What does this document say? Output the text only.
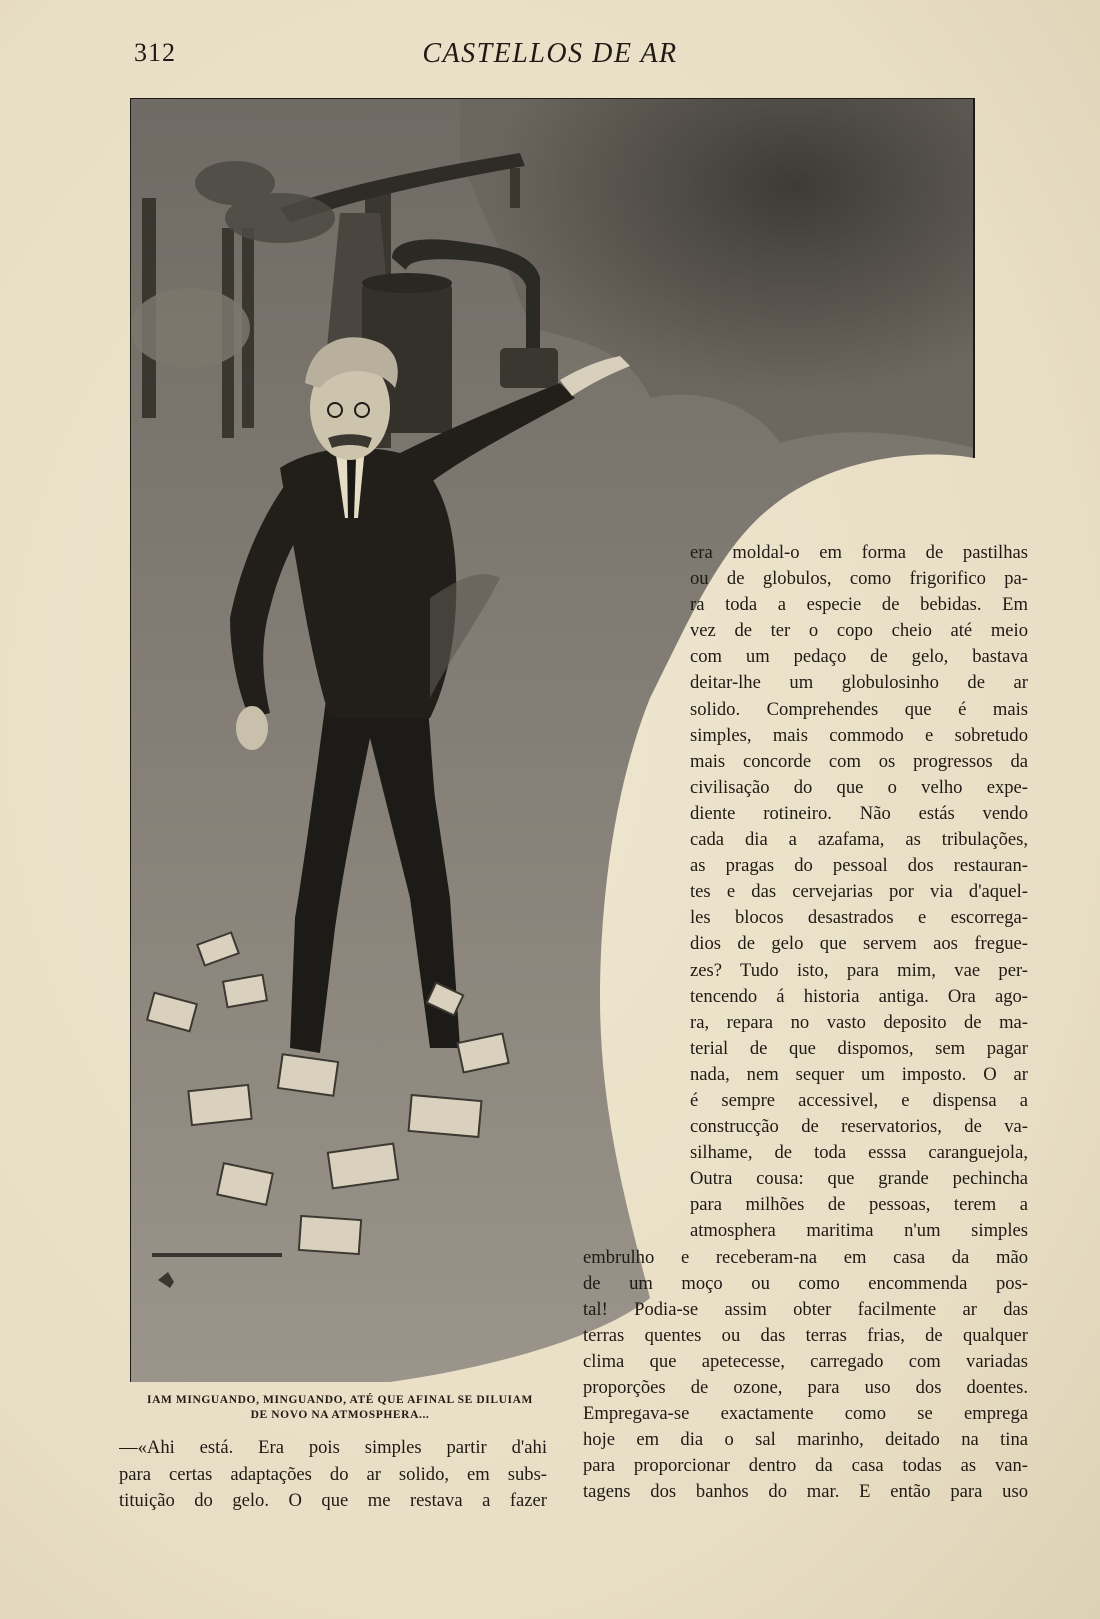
312	CASTELLOS DE AR
IAM MINGUANDO, MINGUANDO, ATÉ QUE AFINAL SE DILUIAM
DE NOVO NA ATMOSPHERA...
—«Ahi está. Era pois simples partir d'ahi
para certas adaptações do ar solido, em subs-
tituição do gelo. O que me restava a fazer
era moldal-o em forma de pastilhas
ou de globulos, como frigorifico pa-
ra toda a especie de bebidas. Em
vez de ter o copo cheio até meio
com um pedaço de gelo, bastava
deitar-lhe um globulosinho de ar
solido. Comprehendes que é mais
simples, mais commodo e sobretudo
mais concorde com os progressos da
civilisação do que o velho expe-
diente rotineiro. Não estás vendo
cada dia a azafama, as tribulações,
as pragas do pessoal dos restauran-
tes e das cervejarias por via d'aquel-
les blocos desastrados e escorrega-
dios de gelo que servem aos fregue-
zes? Tudo isto, para mim, vae per-
tencendo á historia antiga. Ora ago-
ra, repara no vasto deposito de ma-
terial de que dispomos, sem pagar
nada, nem sequer um imposto. O ar
é sempre accessivel, e dispensa a
construcção de reservatorios, de va-
silhame, de toda esssa caranguejola,
Outra cousa: que grande pechincha
para milhões de pessoas, terem a
atmosphera maritima n'um simples
embrulho e receberam-na em casa da mão
de um moço ou como encommenda pos-
tal! Podia-se assim obter facilmente ar das
terras quentes ou das terras frias, de qualquer
clima que apetecesse, carregado com variadas
proporções de ozone, para uso dos doentes.
Empregava-se exactamente como se emprega
hoje em dia o sal marinho, deitado na tina
para proporcionar dentro da casa todas as van-
tagens dos banhos do mar. E então para uso
